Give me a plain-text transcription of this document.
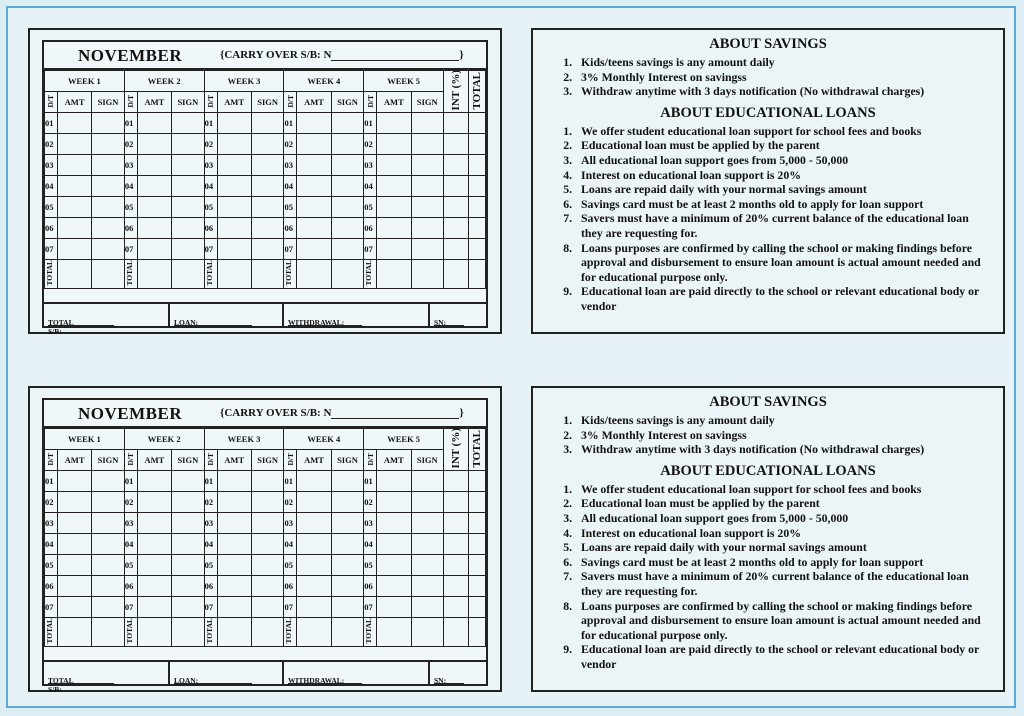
NOVEMBER	{CARRY OVER S/B: N	}
WEEK 1			WEEK 2			WEEK 3			WEEK 4			WEEK 5			INT (%)	TOTAL
D/T	AMT	SIGN	D/T	AMT	SIGN	D/T	AMT	SIGN	D/T	AMT	SIGN	D/T	AMT	SIGN		
01			01			01			01			01				
02			02			02			02			02				
03			03			03			03			03				
04			04			04			04			04				
05			05			05			05			05				
06			06			06			06			06				
07			07			07			07			07				
TOTAL			TOTAL			TOTAL			TOTAL			TOTAL				
TOTAL S/B:
LOAN:	WITHDRAWAL:	SN:
ABOUT SAVINGS
1. Kids/teens savings is any amount daily
2. 3% Monthly Interest on savingss
3. Withdraw anytime with 3 days notification (No withdrawal charges)
ABOUT EDUCATIONAL LOANS
1. We offer student educational loan support for school fees and books
2. Educational loan must be applied by the parent
3. All educational loan support goes from 5,000 - 50,000
4. Interest on educational loan support is 20%
5. Loans are repaid daily with your normal savings amount
6. Savings card must be at least 2 months old to apply for loan support
7. Savers must have a minimum of 20% current balance of the educational loan they are requesting for.
8. Loans purposes are confirmed by calling the school or making findings before approval and disbursement to ensure loan amount is actual amount needed and for educational purpose only.
9. Educational loan are paid directly to the school or relevant educational body or vendor
NOVEMBER	{CARRY OVER S/B: N	}
WEEK 1			WEEK 2			WEEK 3			WEEK 4			WEEK 5			INT (%)	TOTAL
D/T	AMT	SIGN	D/T	AMT	SIGN	D/T	AMT	SIGN	D/T	AMT	SIGN	D/T	AMT	SIGN		
01			01			01			01			01				
02			02			02			02			02				
03			03			03			03			03				
04			04			04			04			04				
05			05			05			05			05				
06			06			06			06			06				
07			07			07			07			07				
TOTAL			TOTAL			TOTAL			TOTAL			TOTAL				
TOTAL S/B:
LOAN:	WITHDRAWAL:	SN:
ABOUT SAVINGS
1. Kids/teens savings is any amount daily
2. 3% Monthly Interest on savingss
3. Withdraw anytime with 3 days notification (No withdrawal charges)
ABOUT EDUCATIONAL LOANS
1. We offer student educational loan support for school fees and books
2. Educational loan must be applied by the parent
3. All educational loan support goes from 5,000 - 50,000
4. Interest on educational loan support is 20%
5. Loans are repaid daily with your normal savings amount
6. Savings card must be at least 2 months old to apply for loan support
7. Savers must have a minimum of 20% current balance of the educational loan they are requesting for.
8. Loans purposes are confirmed by calling the school or making findings before approval and disbursement to ensure loan amount is actual amount needed and for educational purpose only.
9. Educational loan are paid directly to the school or relevant educational body or vendor
